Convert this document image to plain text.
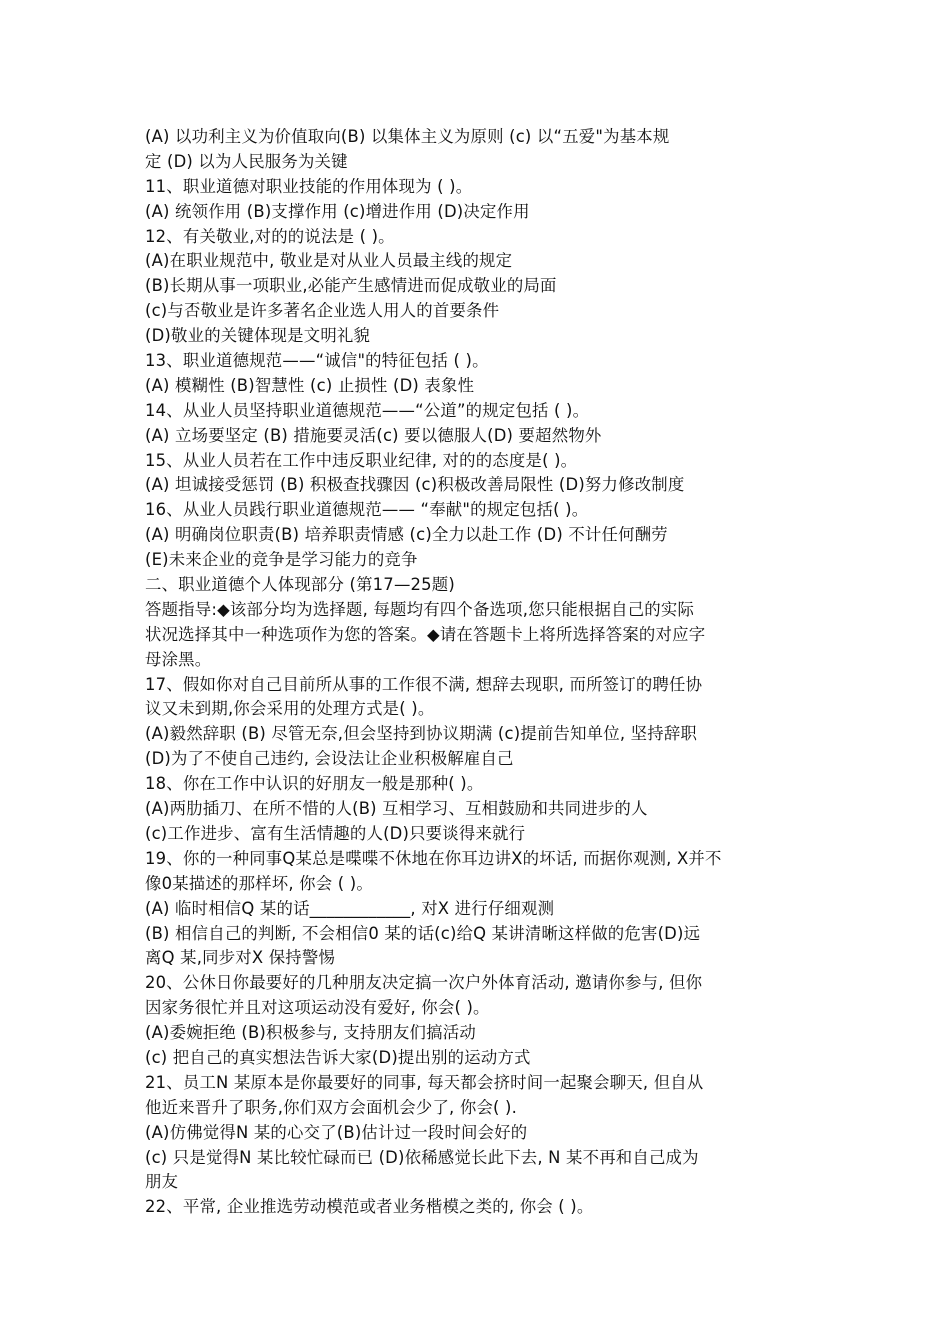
(A) 以功利主义为价值取向(B) 以集体主义为原则 (c) 以“五爱"为基本规
定 (D) 以为人民服务为关键
11、职业道德对职业技能的作用体现为 ( )。
(A) 统领作用 (B)支撑作用 (c)增进作用 (D)决定作用
12、有关敬业,对的的说法是 ( )。
(A)在职业规范中, 敬业是对从业人员最主线的规定
(B)长期从事一项职业,必能产生感情进而促成敬业的局面
(c)与否敬业是许多著名企业选人用人的首要条件
(D)敬业的关键体现是文明礼貌
13、职业道德规范——“诚信"的特征包括 ( )。
(A) 模糊性 (B)智慧性 (c) 止损性 (D) 表象性
14、从业人员坚持职业道德规范——“公道”的规定包括 ( )。
(A) 立场要坚定 (B) 措施要灵活(c) 要以德服人(D) 要超然物外
15、从业人员若在工作中违反职业纪律, 对的的态度是( )。
(A) 坦诚接受惩罚 (B) 积极查找骤因 (c)积极改善局限性 (D)努力修改制度
16、从业人员践行职业道德规范—— “奉献"的规定包括( )。
(A) 明确岗位职责(B) 培养职责情感 (c)全力以赴工作 (D) 不计任何酬劳
(E)未来企业的竞争是学习能力的竞争
二、职业道德个人体现部分 (第17—25题)
答题指导:◆该部分均为选择题, 每题均有四个备选项,您只能根据自己的实际
状况选择其中一种选项作为您的答案。◆请在答题卡上将所选择答案的对应字
母涂黑。
17、假如你对自己目前所从事的工作很不满, 想辞去现职, 而所签订的聘任协
议又未到期,你会采用的处理方式是( )。
(A)毅然辞职 (B) 尽管无奈,但会坚持到协议期满 (c)提前告知单位, 坚持辞职
(D)为了不使自己违约, 会设法让企业积极解雇自己
18、你在工作中认识的好朋友一般是那种( )。
(A)两肋插刀、在所不惜的人(B) 互相学习、互相鼓励和共同进步的人
(c)工作进步、富有生活情趣的人(D)只要谈得来就行
19、你的一种同事Q某总是喋喋不休地在你耳边讲X的坏话, 而据你观测, X并不
像0某描述的那样坏, 你会 ( )。
(A) 临时相信Q 某的话____________, 对X 进行仔细观测
(B) 相信自己的判断, 不会相信0 某的话(c)给Q 某讲清晰这样做的危害(D)远
离Q 某,同步对X 保持警惕
20、公休日你最要好的几种朋友决定搞一次户外体育活动, 邀请你参与, 但你
因家务很忙并且对这项运动没有爱好, 你会( )。
(A)委婉拒绝 (B)积极参与, 支持朋友们搞活动
(c) 把自己的真实想法告诉大家(D)提出别的运动方式
21、员工N 某原本是你最要好的同事, 每天都会挤时间一起聚会聊天, 但自从
他近来晋升了职务,你们双方会面机会少了, 你会( ).
(A)仿佛觉得N 某的心交了(B)估计过一段时间会好的
(c) 只是觉得N 某比较忙碌而已 (D)依稀感觉长此下去, N 某不再和自己成为
朋友
22、平常, 企业推选劳动模范或者业务楷模之类的, 你会 ( )。
